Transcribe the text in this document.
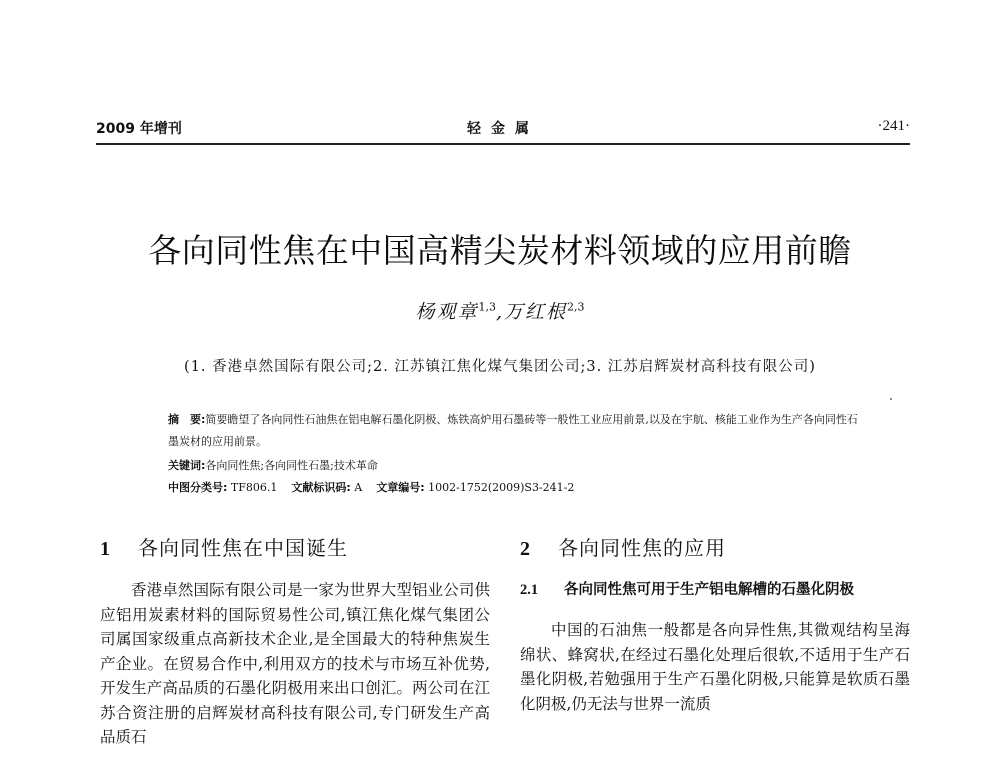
2009 年增刊	轻金属	·241·
各向同性焦在中国高精尖炭材料领域的应用前瞻
杨观章$^{1,3}$,万红根$^{2,3}$
(1. 香港卓然国际有限公司;2. 江苏镇江焦化煤气集团公司;3. 江苏启辉炭材高科技有限公司)
摘　要:简要瞻望了各向同性石油焦在铝电解石墨化阴极、炼铁高炉用石墨砖等一般性工业应用前景,以及在宇航、核能工业作为生产各向同性石墨炭材的应用前景。
关键词:各向同性焦;各向同性石墨;技术革命
中图分类号: TF806.1 文献标识码: A 文章编号: 1002-1752(2009)S3-241-2
1 各向同性焦在中国诞生
香港卓然国际有限公司是一家为世界大型铝业公司供应铝用炭素材料的国际贸易性公司,镇江焦化煤气集团公司属国家级重点高新技术企业,是全国最大的特种焦炭生产企业。在贸易合作中,利用双方的技术与市场互补优势,开发生产高品质的石墨化阴极用来出口创汇。两公司在江苏合资注册的启辉炭材高科技有限公司,专门研发生产高品质石
2 各向同性焦的应用
2.1 各向同性焦可用于生产铝电解槽的石墨化阴极
中国的石油焦一般都是各向异性焦,其微观结构呈海绵状、蜂窝状,在经过石墨化处理后很软,不适用于生产石墨化阴极,若勉强用于生产石墨化阴极,只能算是软质石墨化阴极,仍无法与世界一流质
